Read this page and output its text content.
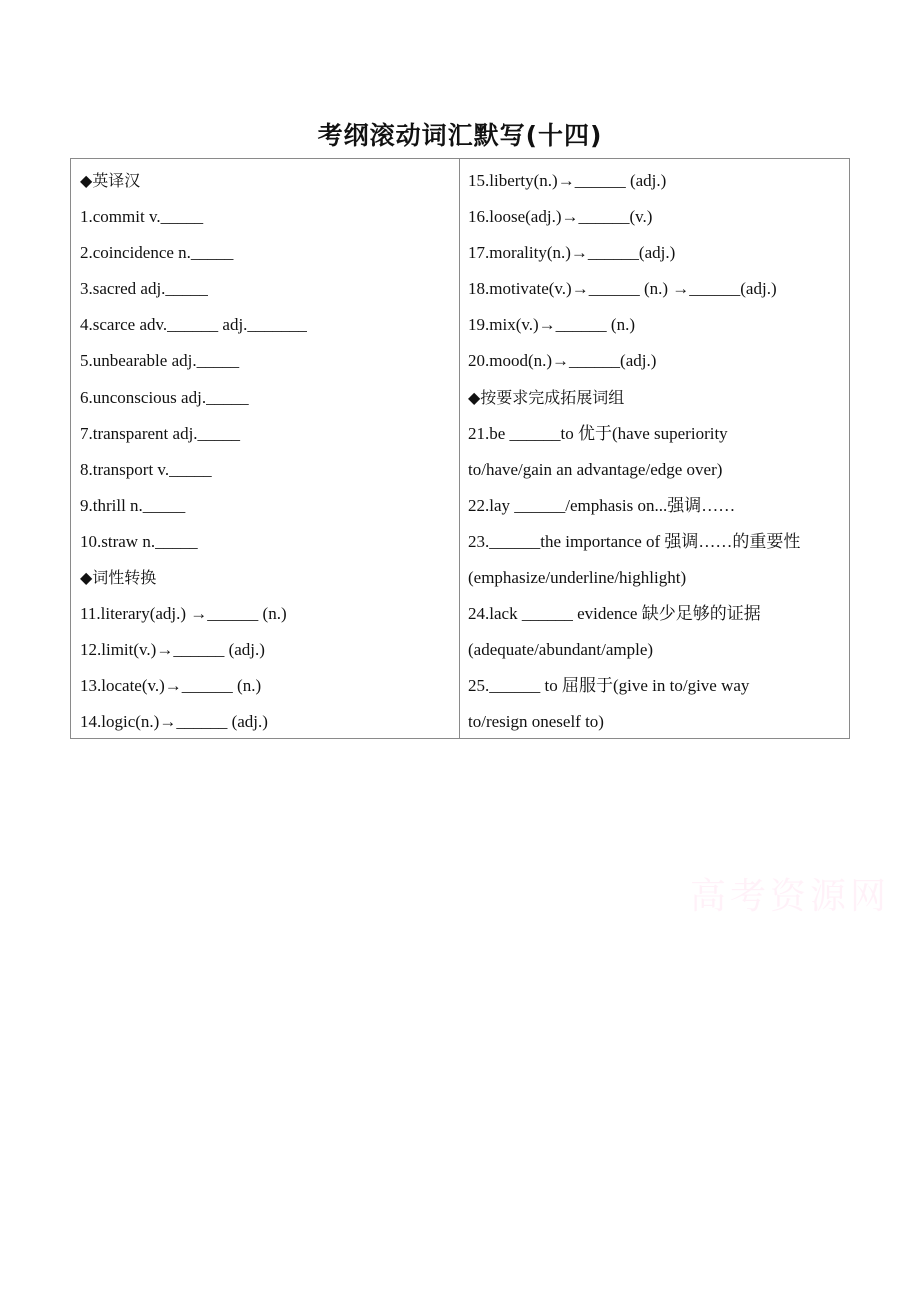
考纲滚动词汇默写(十四)
◆英译汉
1.commit v._____
2.coincidence n._____
3.sacred adj._____
4.scarce adv.______ adj._______
5.unbearable adj._____
6.unconscious adj._____
7.transparent adj._____
8.transport v._____
9.thrill n._____
10.straw n._____
◆词性转换
11.literary(adj.) →______ (n.)
12.limit(v.)→______ (adj.)
13.locate(v.)→______ (n.)
14.logic(n.)→______ (adj.)
15.liberty(n.)→______ (adj.)
16.loose(adj.)→______(v.)
17.morality(n.)→______(adj.)
18.motivate(v.)→______ (n.) →______(adj.)
19.mix(v.)→______ (n.)
20.mood(n.)→______(adj.)
◆按要求完成拓展词组
21.be ______to 优于(have superiority
to/have/gain an advantage/edge over)
22.lay ______/emphasis on...强调……
23.______the importance of 强调……的重要性
(emphasize/underline/highlight)
24.lack ______ evidence 缺少足够的证据
(adequate/abundant/ample)
25.______ to 屈服于(give in to/give way
to/resign oneself to)
高考资源网
